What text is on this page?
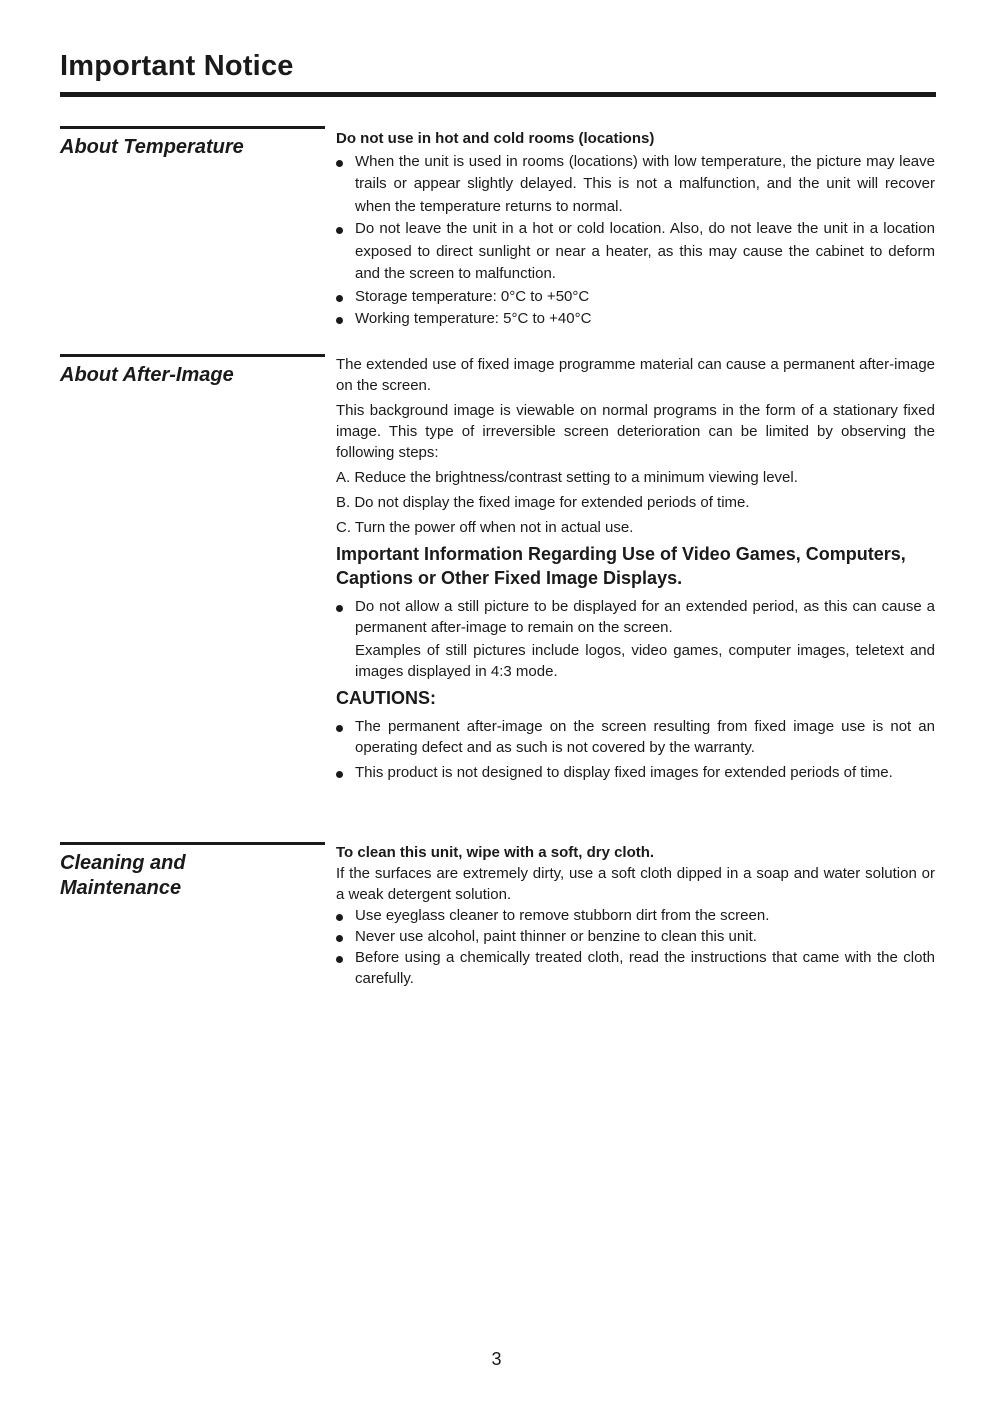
Important Notice
About Temperature	Do not use in hot and cold rooms (locations)

When the unit is used in rooms (locations) with low temperature, the picture may leave trails or appear slightly delayed. This is not a malfunction, and the unit will recover when the temperature returns to normal.
Do not leave the unit in a hot or cold location. Also, do not leave the unit in a location exposed to direct sunlight or near a heater, as this may cause the cabinet to deform and the screen to malfunction.
Storage temperature: 0°C to +50°C
Working temperature: 5°C to +40°C
About After-Image	The extended use of fixed image programme material can cause a permanent after-image on the screen.

This background image is viewable on normal programs in the form of a stationary fixed image. This type of irreversible screen deterioration can be limited by observing the following steps:

A. Reduce the brightness/contrast setting to a minimum viewing level.

B. Do not display the fixed image for extended periods of time.

C. Turn the power off when not in actual use.

Important Information Regarding Use of Video Games, Computers, Captions or Other Fixed Image Displays.
Do not allow a still picture to be displayed for an extended period, as this can cause a permanent after-image to remain on the screen.

Examples of still pictures include logos, video games, computer images, teletext and images displayed in 4:3 mode.

CAUTIONS:
The permanent after-image on the screen resulting from fixed image use is not an operating defect and as such is not covered by the warranty.
This product is not designed to display fixed images for extended periods of time.
Cleaning and
Maintenance

To clean this unit, wipe with a soft, dry cloth.

If the surfaces are extremely dirty, use a soft cloth dipped in a soap and water solution or a weak detergent solution.

Use eyeglass cleaner to remove stubborn dirt from the screen.
Never use alcohol, paint thinner or benzine to clean this unit.
Before using a chemically treated cloth, read the instructions that came with the cloth carefully.
3
